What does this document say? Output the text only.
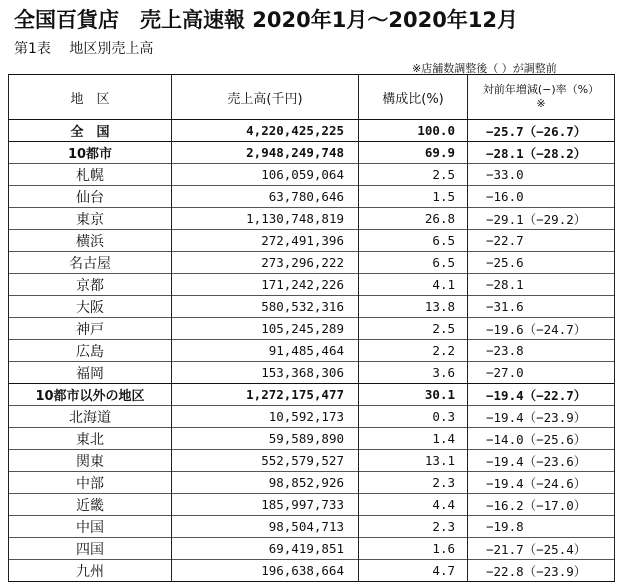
全国百貨店　売上高速報 2020年1月～2020年12月
第1表　 地区別売上高
※店舗数調整後（ ）が調整前
地　区	売上高(千円)	構成比(%)	対前年増減(−)率（%）
※
全　国	4,220,425,225	100.0	−25.7（−26.7）
10都市	2,948,249,748	69.9	−28.1（−28.2）
札幌	106,059,064	2.5	−33.0
仙台	63,780,646	1.5	−16.0
東京	1,130,748,819	26.8	−29.1（−29.2）
横浜	272,491,396	6.5	−22.7
名古屋	273,296,222	6.5	−25.6
京都	171,242,226	4.1	−28.1
大阪	580,532,316	13.8	−31.6
神戸	105,245,289	2.5	−19.6（−24.7）
広島	91,485,464	2.2	−23.8
福岡	153,368,306	3.6	−27.0
10都市以外の地区	1,272,175,477	30.1	−19.4（−22.7）
北海道	10,592,173	0.3	−19.4（−23.9）
東北	59,589,890	1.4	−14.0（−25.6）
関東	552,579,527	13.1	−19.4（−23.6）
中部	98,852,926	2.3	−19.4（−24.6）
近畿	185,997,733	4.4	−16.2（−17.0）
中国	98,504,713	2.3	−19.8
四国	69,419,851	1.6	−21.7（−25.4）
九州	196,638,664	4.7	−22.8（−23.9）
